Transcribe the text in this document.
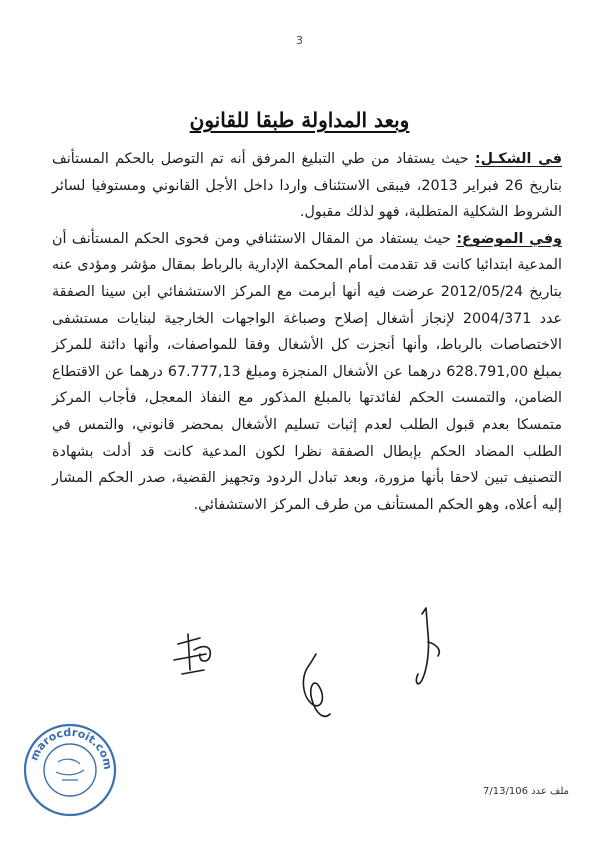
3
وبعد المداولة طبقا للقانون

في الشكـل: حيث يستفاد من طي التبليغ المرفق أنه تم التوصل بالحكم المستأنف بتاريخ 26 فبراير 2013، فيبقى الاستئناف واردا داخل الأجل القانوني ومستوفيا لسائر الشروط الشكلية المتطلبة، فهو لذلك مقبول.

وفي الموضوع: حيث يستفاد من المقال الاستئنافي ومن فحوى الحكم المستأنف أن المدعية ابتدائيا كانت قد تقدمت أمام المحكمة الإدارية بالرباط بمقال مؤشر ومؤدى عنه بتاريخ 2012/05/24 عرضت فيه أنها أبرمت مع المركز الاستشفائي ابن سينا الصفقة عدد 2004/371 لإنجاز أشغال إصلاح وصباغة الواجهات الخارجية لبنايات مستشفى الاختصاصات بالرباط، وأنها أنجزت كل الأشغال وفقا للمواصفات، وأنها دائنة للمركز بمبلغ 628.791,00 درهما عن الأشغال المنجزة ومبلغ 67.777,13 درهما عن الاقتطاع الضامن، والتمست الحكم لفائدتها بالمبلغ المذكور مع النفاذ المعجل، فأجاب المركز متمسكا بعدم قبول الطلب لعدم إثبات تسليم الأشغال بمحضر قانوني، والتمس في الطلب المضاد الحكم بإبطال الصفقة نظرا لكون المدعية كانت قد أدلت بشهادة التصنيف تبين لاحقا بأنها مزورة، وبعد تبادل الردود وتجهيز القضية، صدر الحكم المشار إليه أعلاه، وهو الحكم المستأنف من طرف المركز الاستشفائي.

marocdroit.com
ملف عدد 7/13/106
